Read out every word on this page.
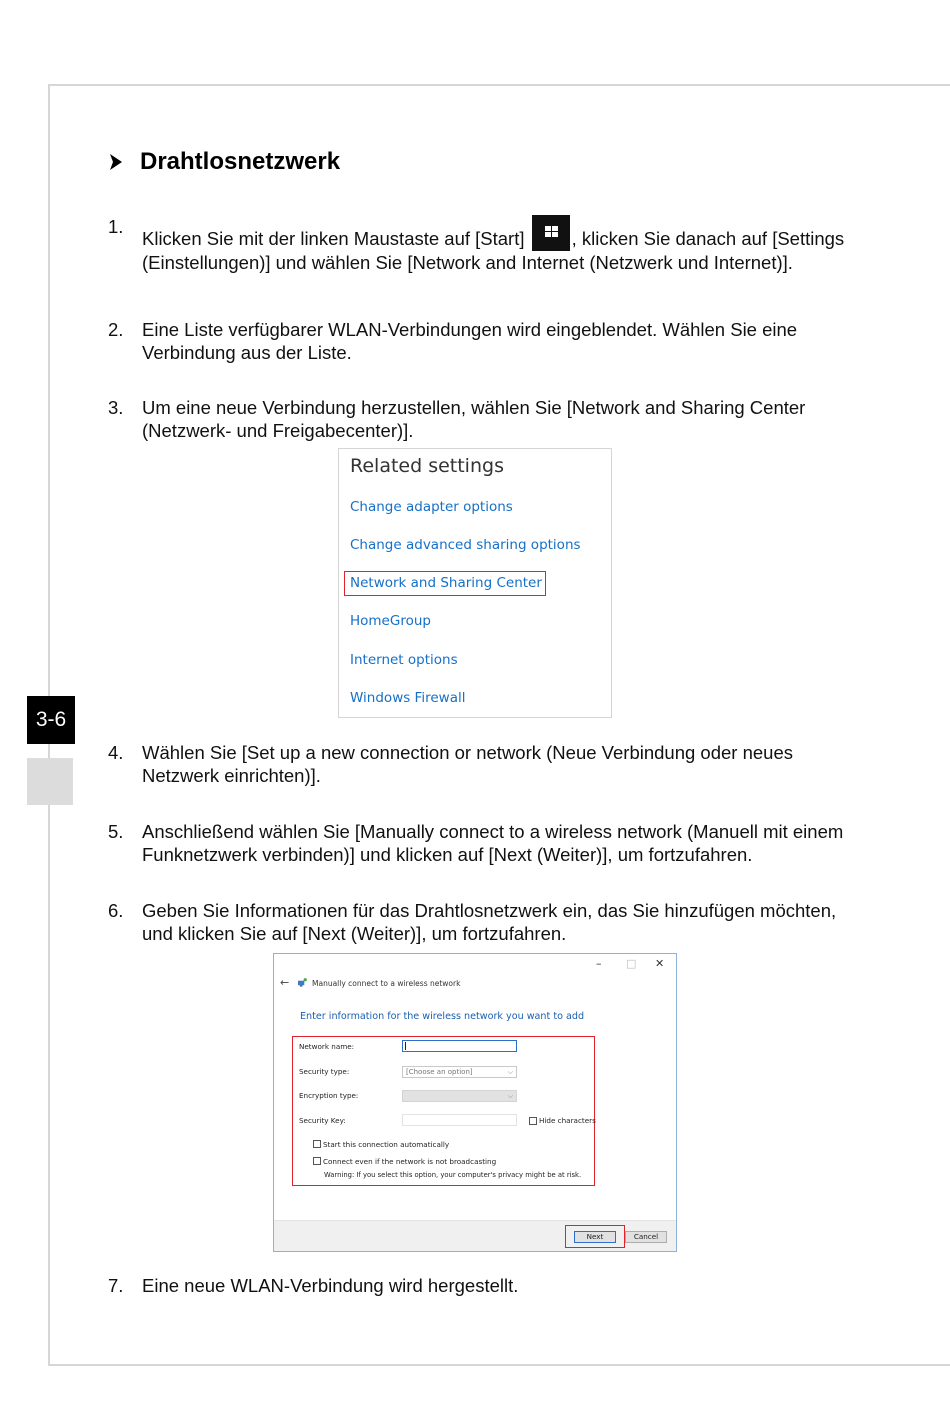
3-6
Drahtlosnetzwerk
1.
Klicken Sie mit der linken Maustaste auf [Start]	, klicken Sie danach auf [Settings (Einstellungen)] und wählen Sie [Network and Internet (Netzwerk und Internet)].
2. Eine Liste verfügbarer WLAN-Verbindungen wird eingeblendet. Wählen Sie eine Verbindung aus der Liste.
3. Um eine neue Verbindung herzustellen, wählen Sie [Network and Sharing Center (Netzwerk- und Freigabecenter)].
Related settings
Change adapter options
Change advanced sharing options
Network and Sharing Center
HomeGroup
Internet options
Windows Firewall
4. Wählen Sie [Set up a new connection or network (Neue Verbindung oder neues Netzwerk einrichten)].
5. Anschließend wählen Sie [Manually connect to a wireless network (Manuell mit einem Funknetzwerk verbinden)] und klicken auf [Next (Weiter)], um fortzufahren.
6. Geben Sie Informationen für das Drahtlosnetzwerk ein, das Sie hinzufügen möchten, und klicken Sie auf [Next (Weiter)], um fortzufahren.
– □ ✕
←	Manually connect to a wireless network
Enter information for the wireless network you want to add
Network name:
Security type:	[Choose an option]	⌵
Encryption type:	⌵
Security Key:	Hide characters
Start this connection automatically
Connect even if the network is not broadcasting
Warning: If you select this option, your computer's privacy might be at risk.
Next	Cancel
7. Eine neue WLAN-Verbindung wird hergestellt.
